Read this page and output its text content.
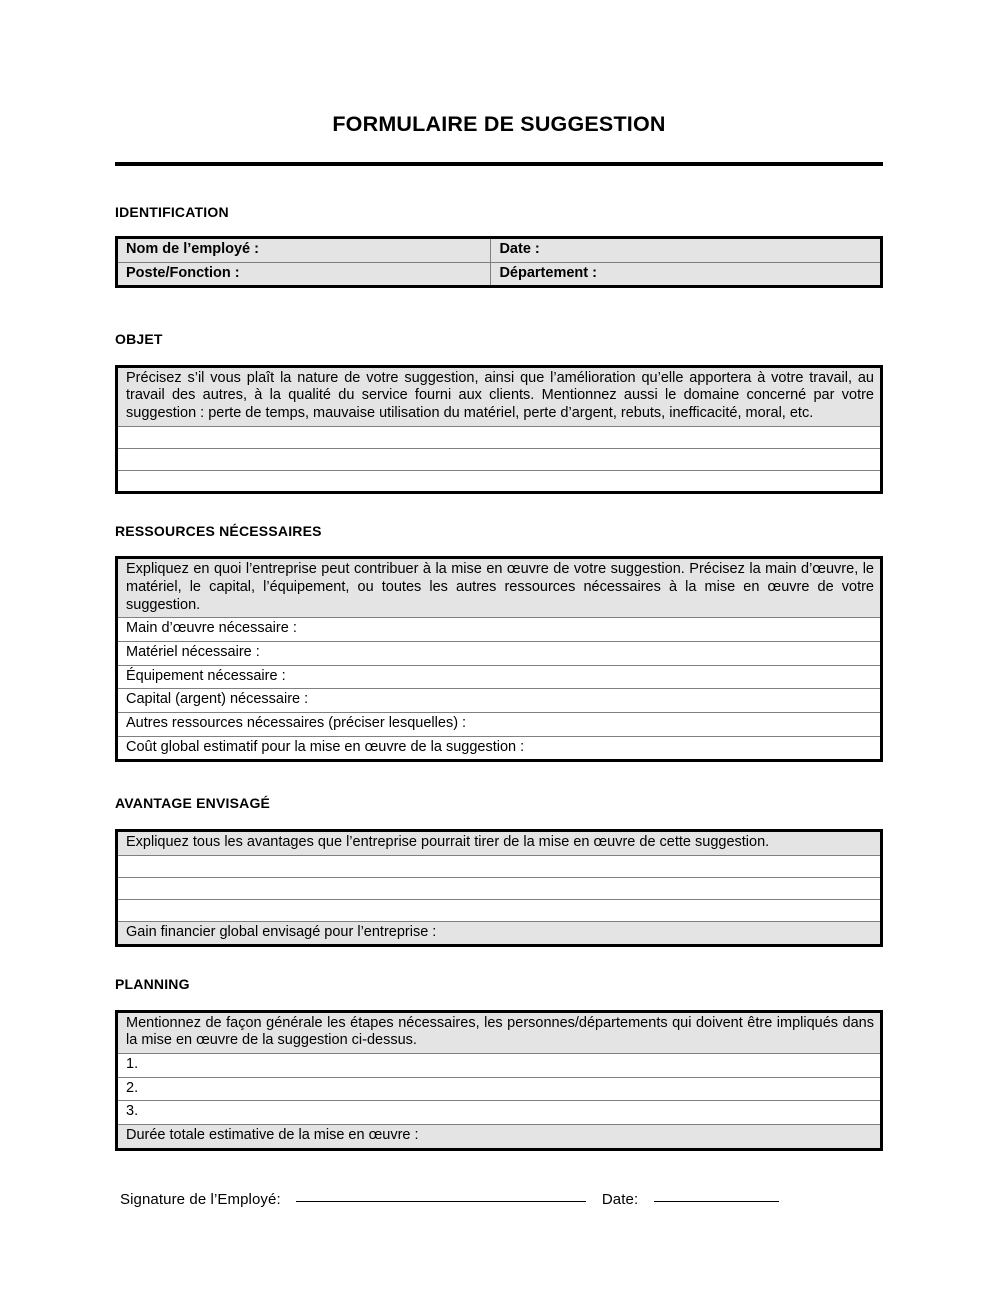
FORMULAIRE DE SUGGESTION
IDENTIFICATION
Nom de l’employé :	Date :
Poste/Fonction :	Département :
OBJET
Précisez s’il vous plaît la nature de votre suggestion, ainsi que l’amélioration qu’elle apportera à votre travail, au travail des autres, à la qualité du service fourni aux clients. Mentionnez aussi le domaine concerné par votre suggestion : perte de temps, mauvaise utilisation du matériel, perte d’argent, rebuts, inefficacité, moral, etc.

RESSOURCES NÉCESSAIRES
Expliquez en quoi l’entreprise peut contribuer à la mise en œuvre de votre suggestion. Précisez la main d’œuvre, le matériel, le capital, l’équipement, ou toutes les autres ressources nécessaires à la mise en œuvre de votre suggestion.
Main d’œuvre nécessaire :
Matériel nécessaire :
Équipement nécessaire :
Capital (argent) nécessaire :
Autres ressources nécessaires (préciser lesquelles) :
Coût global estimatif pour la mise en œuvre de la suggestion :
AVANTAGE ENVISAGÉ
Expliquez tous les avantages que l’entreprise pourrait tirer de la mise en œuvre de cette suggestion.

Gain financier global envisagé pour l’entreprise :
PLANNING
Mentionnez de façon générale les étapes nécessaires, les personnes/départements qui doivent être impliqués dans la mise en œuvre de la suggestion ci-dessus.
1.
2.
3.
Durée totale estimative de la mise en œuvre :
Signature de l’Employé:	Date:
